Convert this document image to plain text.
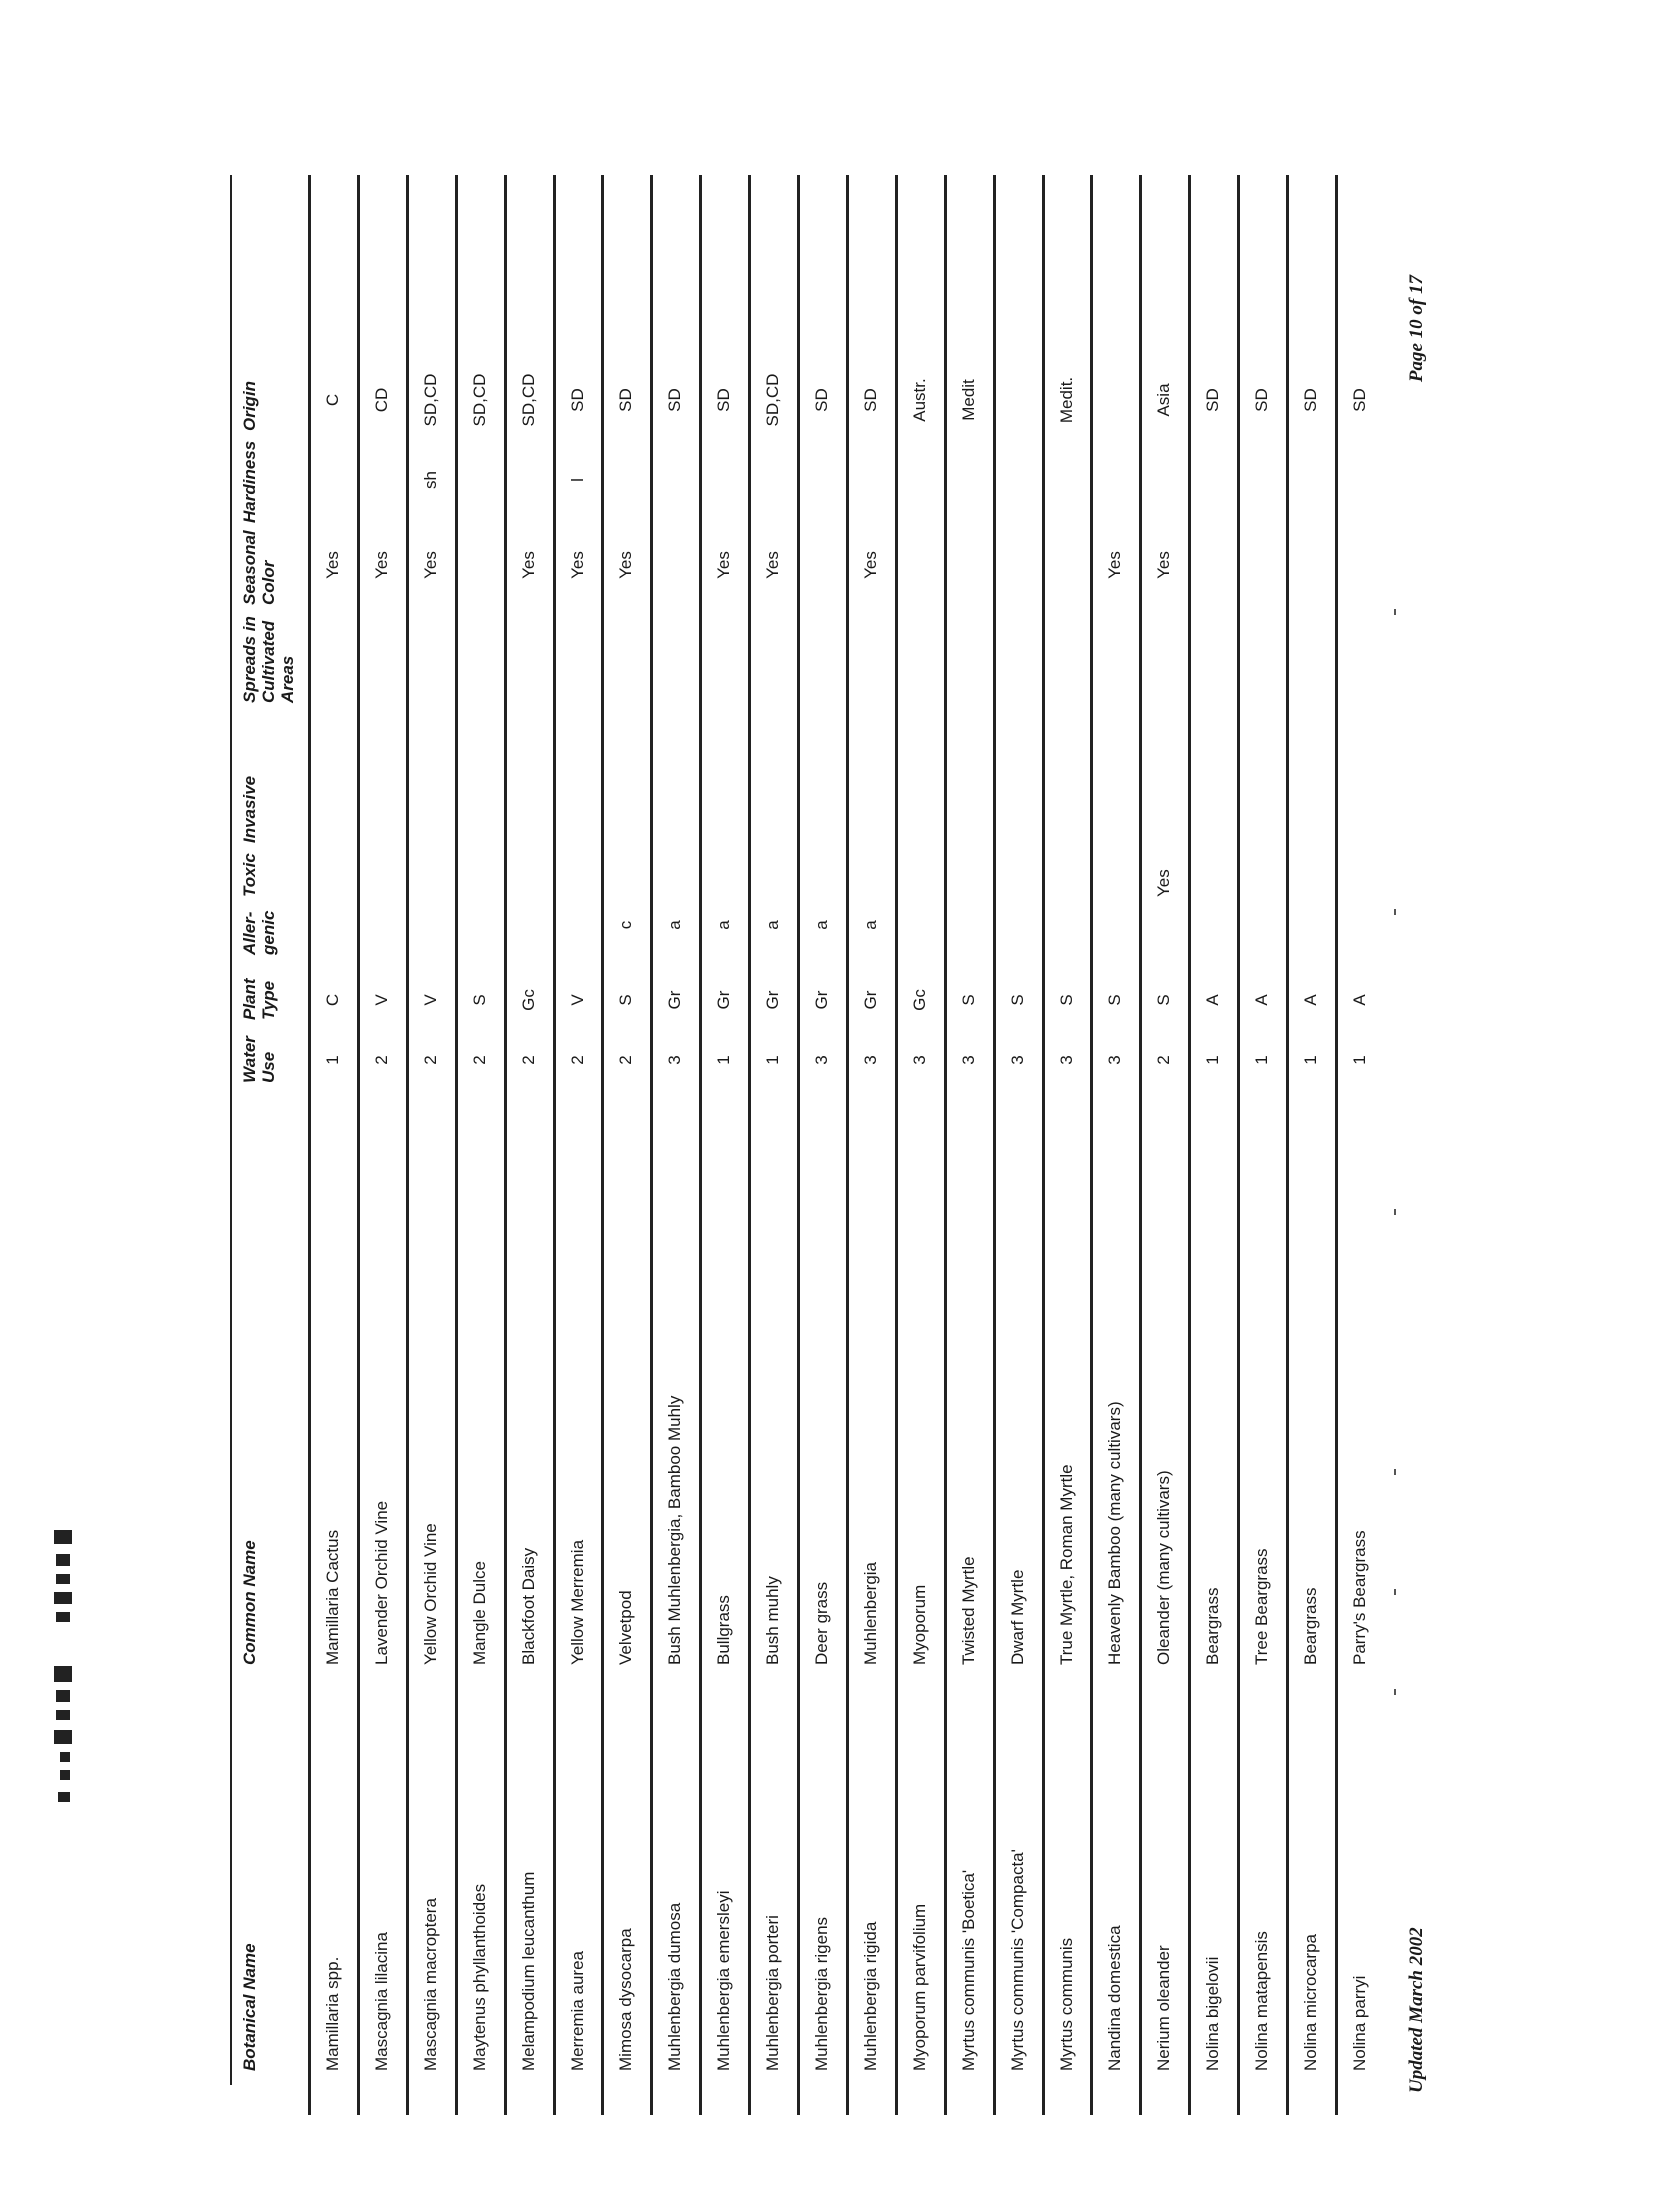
Botanical Name
Common Name
Water Use
Plant Type
Aller- genic
Toxic
Invasive
Spreads in Cultivated Areas
Seasonal Color
Hardiness
Origin
Mamillaria spp.
Mamillaria Cactus
1
C
Yes
C
Mascagnia lilacina
Lavender Orchid Vine
2
V
Yes
CD
Mascagnia macroptera
Yellow Orchid Vine
2
V
Yes
sh
SD,CD
Maytenus phyllanthoides
Mangle Dulce
2
S
SD,CD
Melampodium leucanthum
Blackfoot Daisy
2
Gc
Yes
SD,CD
Merremia aurea
Yellow Merremia
2
V
Yes
l
SD
Mimosa dysocarpa
Velvetpod
2
S
c
Yes
SD
Muhlenbergia dumosa
Bush Muhlenbergia, Bamboo Muhly
3
Gr
a
SD
Muhlenbergia emersleyi
Bullgrass
1
Gr
a
Yes
SD
Muhlenbergia porteri
Bush muhly
1
Gr
a
Yes
SD,CD
Muhlenbergia rigens
Deer grass
3
Gr
a
SD
Muhlenbergia rigida
Muhlenbergia
3
Gr
a
Yes
SD
Myoporum parvifolium
Myoporum
3
Gc
Austr.
Myrtus communis 'Boetica'
Twisted Myrtle
3
S
Medit
Myrtus communis 'Compacta'
Dwarf Myrtle
3
S
Myrtus communis
True Myrtle, Roman Myrtle
3
S
Medit.
Nandina domestica
Heavenly Bamboo (many cultivars)
3
S
Yes
Nerium oleander
Oleander (many cultivars)
2
S
Yes
Yes
Asia
Nolina bigelovii
Beargrass
1
A
SD
Nolina matapensis
Tree Beargrass
1
A
SD
Nolina microcarpa
Beargrass
1
A
SD
Nolina parryi
Parry's Beargrass
1
A
SD
Updated March 2002
Page 10 of 17
